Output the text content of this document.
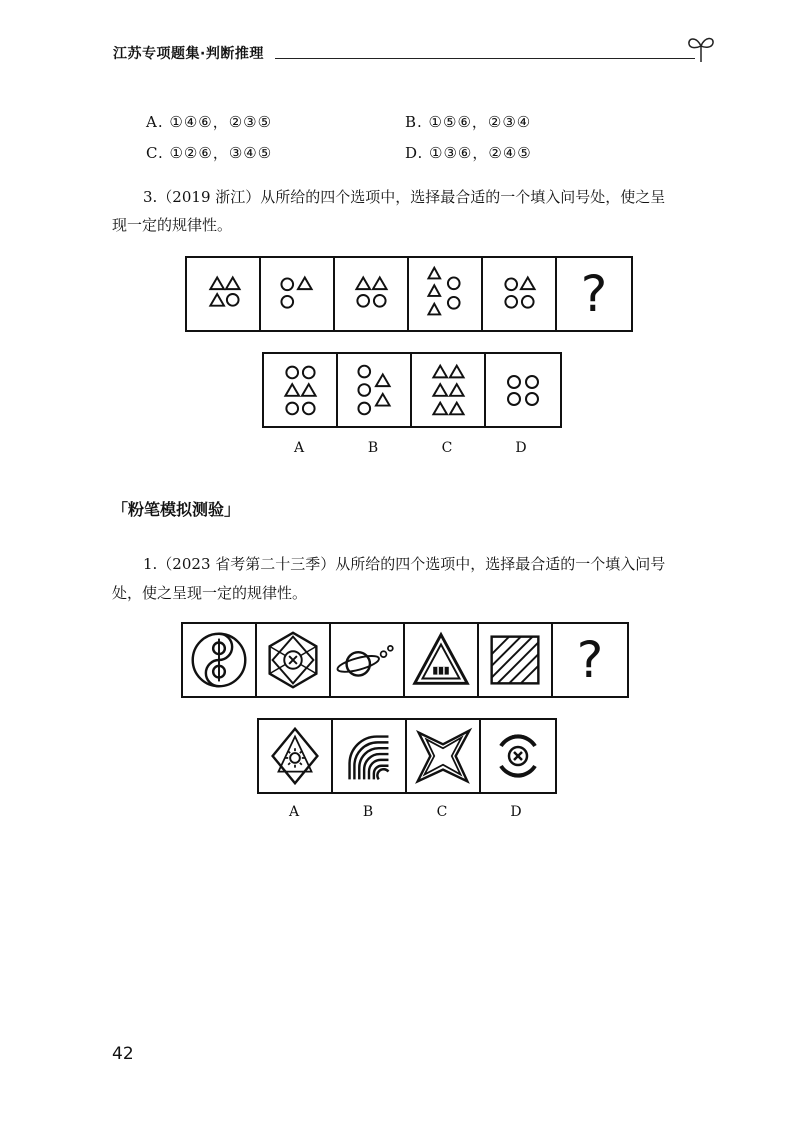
江苏专项题集·判断推理
A. ①④⑥，②③⑤	B. ①⑤⑥，②③④
C. ①②⑥，③④⑤	D. ①③⑥，②④⑤
3.（2019 浙江）从所给的四个选项中，选择最合适的一个填入问号处，使之呈
现一定的规律性。
?
A	B	C	D
「粉笔模拟测验」
1.（2023 省考第二十三季）从所给的四个选项中，选择最合适的一个填入问号
处，使之呈现一定的规律性。
?
A	B	C	D
42
